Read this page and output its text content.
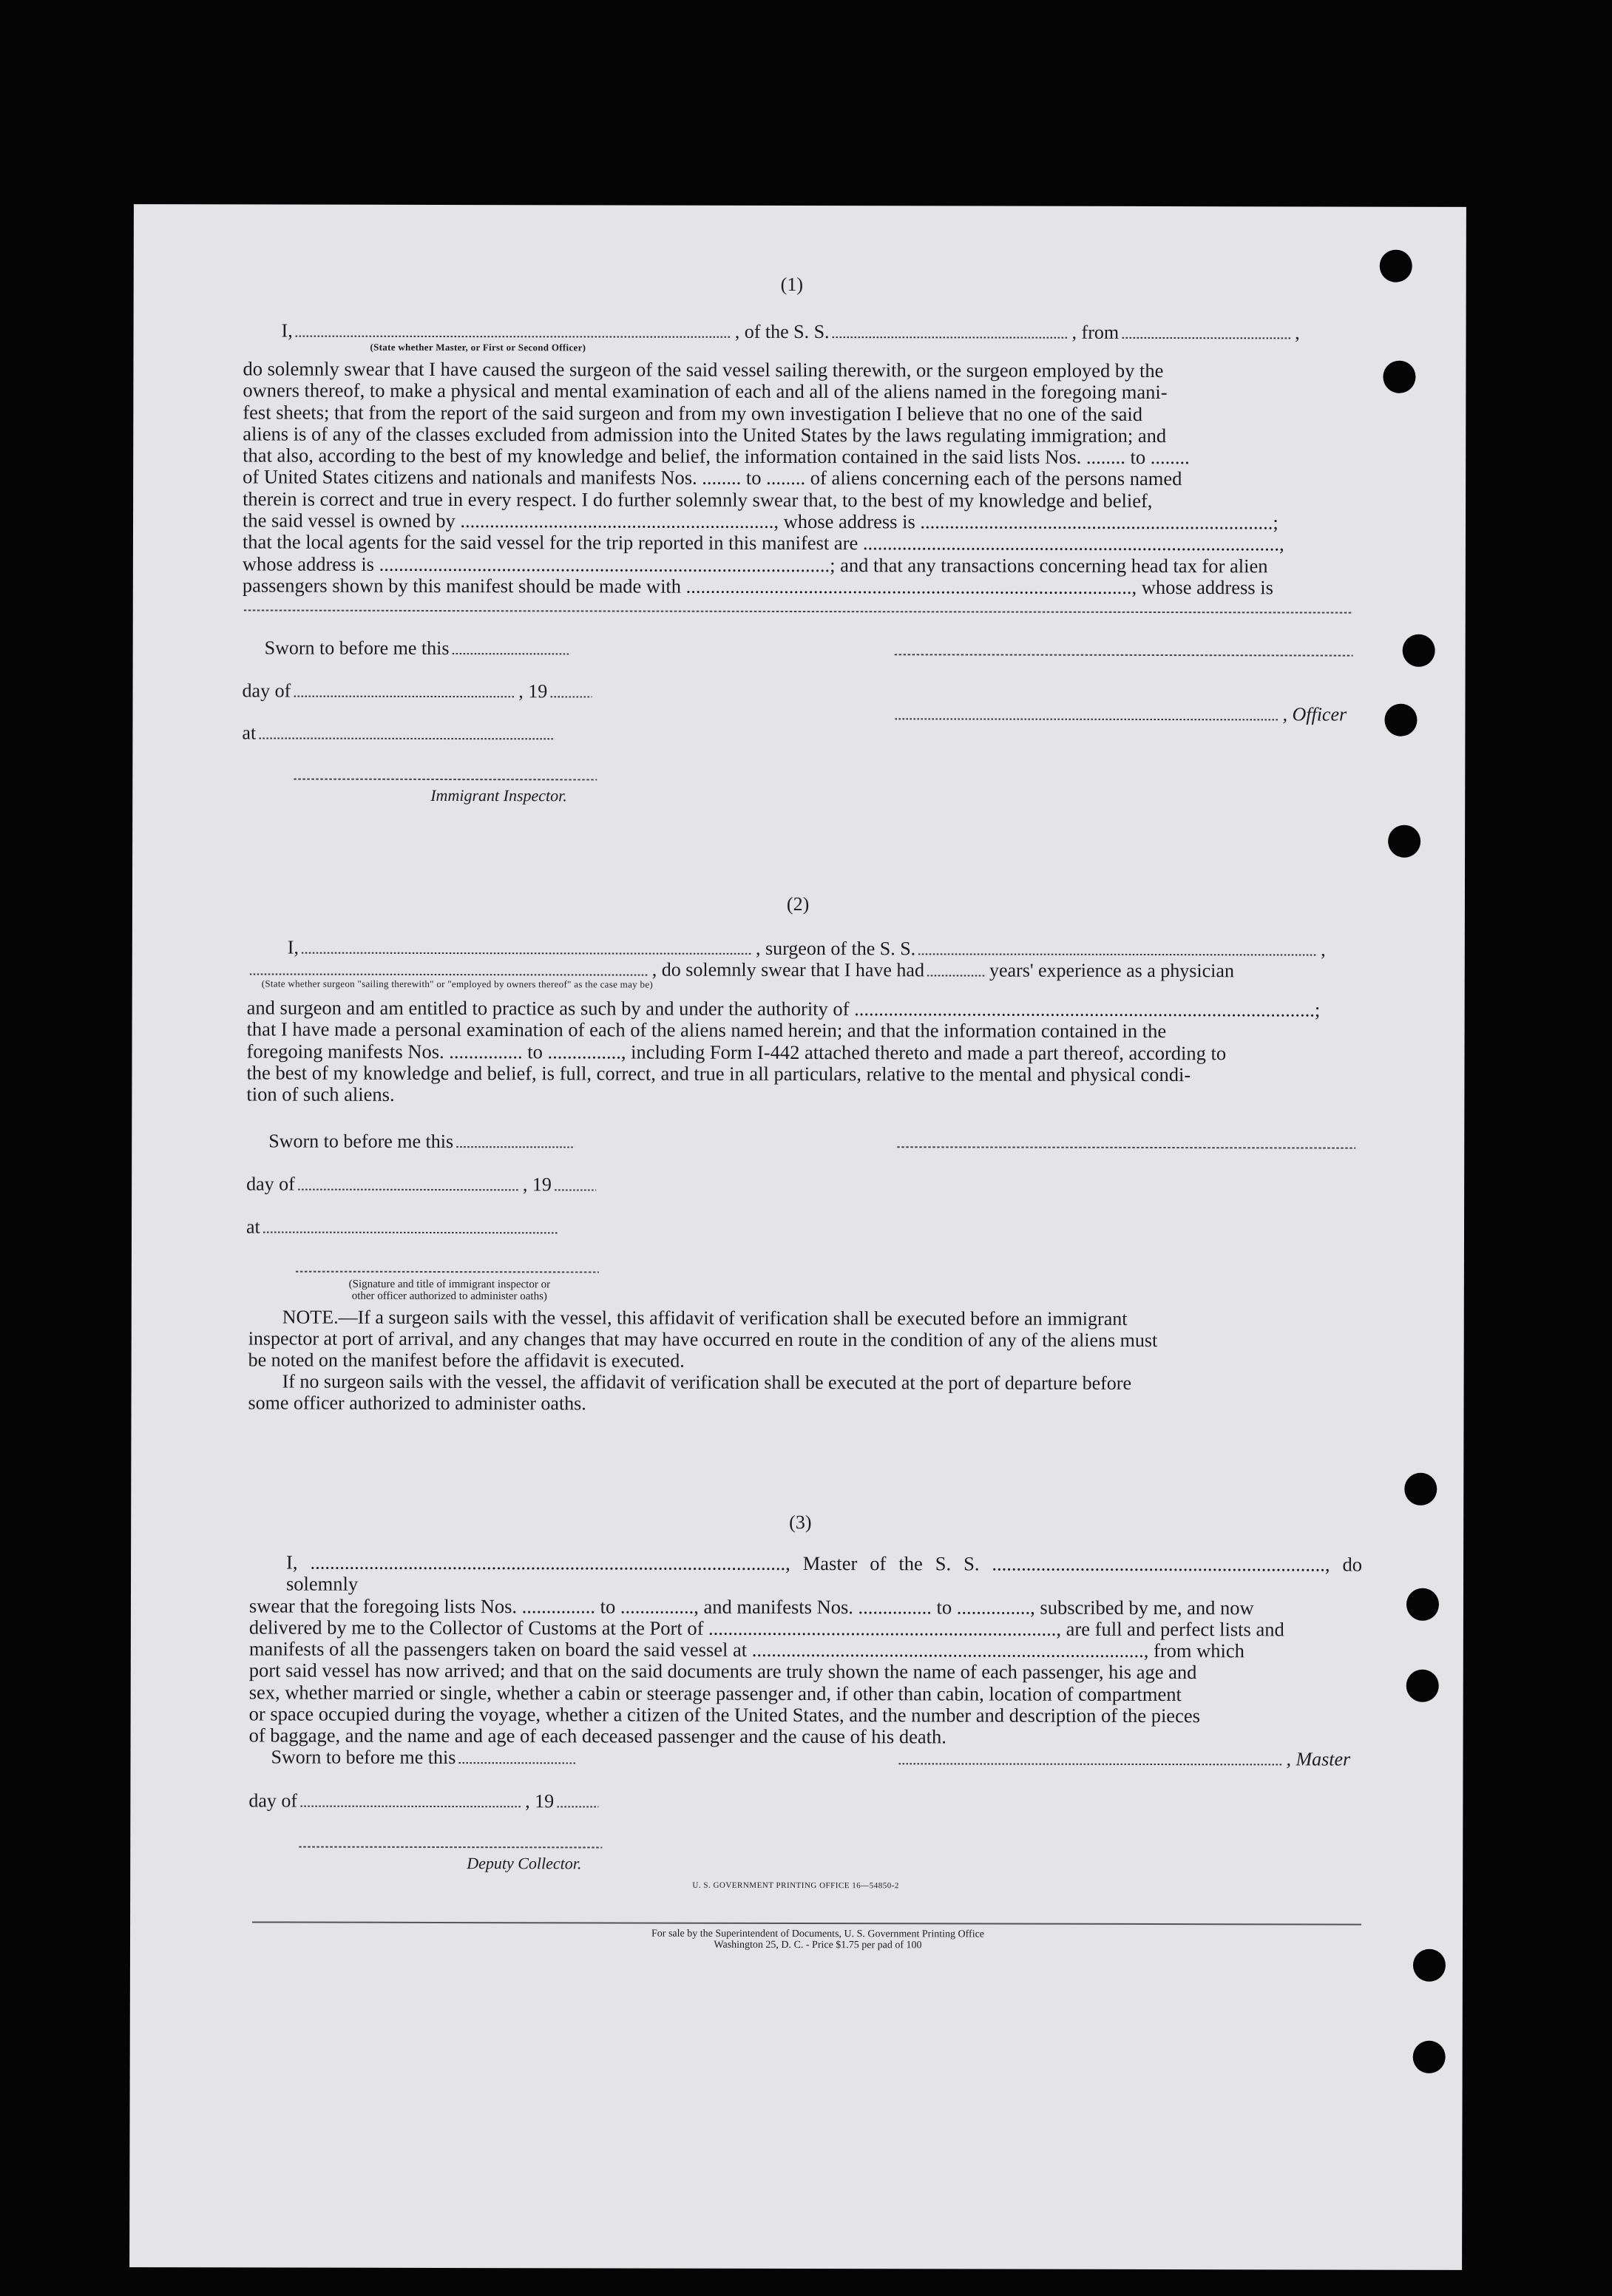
(1)
I,	, of the S. S.	, from	,
(State whether Master, or First or Second Officer)
do solemnly swear that I have caused the surgeon of the said vessel sailing therewith, or the surgeon employed by the
owners thereof, to make a physical and mental examination of each and all of the aliens named in the foregoing mani-
fest sheets; that from the report of the said surgeon and from my own investigation I believe that no one of the said
aliens is of any of the classes excluded from admission into the United States by the laws regulating immigration; and
that also, according to the best of my knowledge and belief, the information contained in the said lists Nos. ........ to ........
of United States citizens and nationals and manifests Nos. ........ to ........ of aliens concerning each of the persons named
therein is correct and true in every respect. I do further solemnly swear that, to the best of my knowledge and belief,
the said vessel is owned by ................................................................, whose address is ........................................................................;
that the local agents for the said vessel for the trip reported in this manifest are .....................................................................................,
whose address is ............................................................................................; and that any transactions concerning head tax for alien
passengers shown by this manifest should be made with ..........................................................................................., whose address is
Sworn to before me this
day of	, 19
, Officer
at
Immigrant Inspector.
(2)
I,	, surgeon of the S. S.	,
, do solemnly swear that I have had	years' experience as a physician
(State whether surgeon "sailing therewith" or "employed by owners thereof" as the case may be)
and surgeon and am entitled to practice as such by and under the authority of ..............................................................................................;
that I have made a personal examination of each of the aliens named herein; and that the information contained in the
foregoing manifests Nos. ............... to ..............., including Form I-442 attached thereto and made a part thereof, according to
the best of my knowledge and belief, is full, correct, and true in all particulars, relative to the mental and physical condi-
tion of such aliens.
Sworn to before me this
day of	, 19
at
(Signature and title of immigrant inspector or
other officer authorized to administer oaths)
NOTE.—If a surgeon sails with the vessel, this affidavit of verification shall be executed before an immigrant
inspector at port of arrival, and any changes that may have occurred en route in the condition of any of the aliens must
be noted on the manifest before the affidavit is executed.
If no surgeon sails with the vessel, the affidavit of verification shall be executed at the port of departure before
some officer authorized to administer oaths.
(3)
I, ................................................................................................., Master of the S. S. ...................................................................., do solemnly
swear that the foregoing lists Nos. ............... to ..............., and manifests Nos. ............... to ..............., subscribed by me, and now
delivered by me to the Collector of Customs at the Port of ......................................................................., are full and perfect lists and
manifests of all the passengers taken on board the said vessel at ................................................................................, from which
port said vessel has now arrived; and that on the said documents are truly shown the name of each passenger, his age and
sex, whether married or single, whether a cabin or steerage passenger and, if other than cabin, location of compartment
or space occupied during the voyage, whether a citizen of the United States, and the number and description of the pieces
of baggage, and the name and age of each deceased passenger and the cause of his death.
Sworn to before me this	, Master
day of	, 19
Deputy Collector.
U. S. GOVERNMENT PRINTING OFFICE 16—54850-2
For sale by the Superintendent of Documents, U. S. Government Printing Office
Washington 25, D. C. - Price $1.75 per pad of 100
